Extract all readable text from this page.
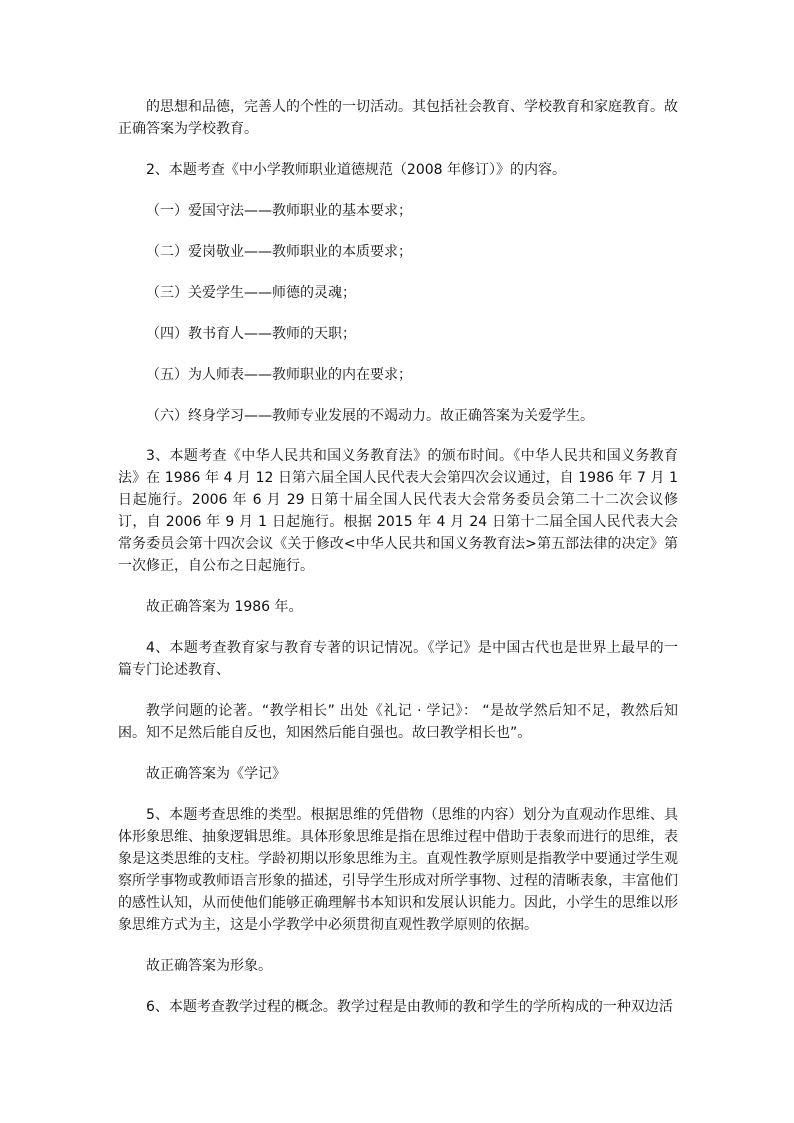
的思想和品德，完善人的个性的一切活动。其包括社会教育、学校教育和家庭教育。故正确答案为学校教育。

2、本题考查《中小学教师职业道德规范（2008 年修订）》的内容。

（一）爱国守法——教师职业的基本要求；

（二）爱岗敬业——教师职业的本质要求；

（三）关爱学生——师德的灵魂；

（四）教书育人——教师的天职；

（五）为人师表——教师职业的内在要求；

（六）终身学习——教师专业发展的不竭动力。故正确答案为关爱学生。

3、本题考查《中华人民共和国义务教育法》的颁布时间。《中华人民共和国义务教育法》在 1986 年 4 月 12 日第六届全国人民代表大会第四次会议通过，自 1986 年 7 月 1 日起施行。2006 年 6 月 29 日第十届全国人民代表大会常务委员会第二十二次会议修订，自 2006 年 9 月 1 日起施行。根据 2015 年 4 月 24 日第十二届全国人民代表大会常务委员会第十四次会议《关于修改<中华人民共和国义务教育法>第五部法律的决定》第一次修正，自公布之日起施行。

故正确答案为 1986 年。

4、本题考查教育家与教育专著的识记情况。《学记》是中国古代也是世界上最早的一篇专门论述教育、

教学问题的论著。“教学相长” 出处《礼记 · 学记》： “是故学然后知不足，教然后知困。知不足然后能自反也，知困然后能自强也。故曰教学相长也”。

故正确答案为《学记》

5、本题考查思维的类型。根据思维的凭借物（思维的内容）划分为直观动作思维、具体形象思维、抽象逻辑思维。具体形象思维是指在思维过程中借助于表象而进行的思维，表象是这类思维的支柱。学龄初期以形象思维为主。直观性教学原则是指教学中要通过学生观察所学事物或教师语言形象的描述，引导学生形成对所学事物、过程的清晰表象，丰富他们的感性认知，从而使他们能够正确理解书本知识和发展认识能力。因此，小学生的思维以形象思维方式为主，这是小学教学中必须贯彻直观性教学原则的依据。

故正确答案为形象。

6、本题考查教学过程的概念。教学过程是由教师的教和学生的学所构成的一种双边活
